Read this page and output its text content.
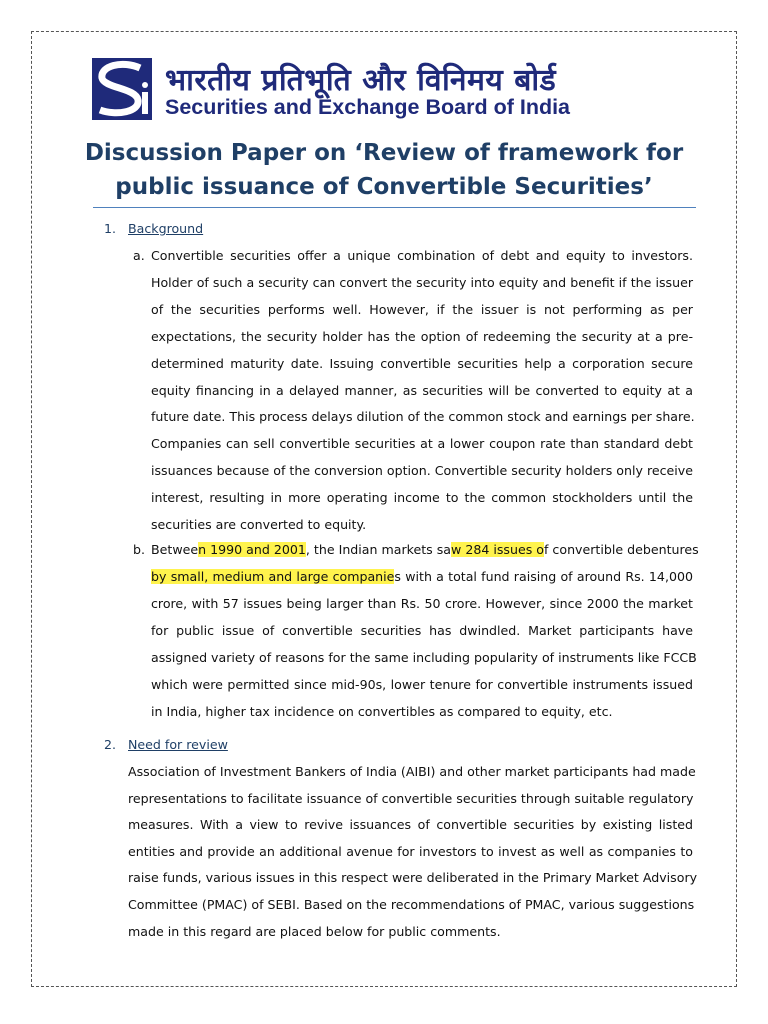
भारतीय प्रतिभूति और विनिमय बोर्ड
Securities and Exchange Board of India
Discussion Paper on ‘Review of framework for
public issuance of Convertible Securities’
1. Background
a. Convertible securities offer a unique combination of debt and equity to investors.
Holder of such a security can convert the security into equity and benefit if the issuer
of the securities performs well. However, if the issuer is not performing as per
expectations, the security holder has the option of redeeming the security at a pre-
determined maturity date. Issuing convertible securities help a corporation secure
equity financing in a delayed manner, as securities will be converted to equity at a
future date. This process delays dilution of the common stock and earnings per share.
Companies can sell convertible securities at a lower coupon rate than standard debt
issuances because of the conversion option. Convertible security holders only receive
interest, resulting in more operating income to the common stockholders until the
securities are converted to equity.
b. Between 1990 and 2001, the Indian markets saw 284 issues of convertible debentures
by small, medium and large companies with a total fund raising of around Rs. 14,000
crore, with 57 issues being larger than Rs. 50 crore. However, since 2000 the market
for public issue of convertible securities has dwindled. Market participants have
assigned variety of reasons for the same including popularity of instruments like FCCB
which were permitted since mid-90s, lower tenure for convertible instruments issued
in India, higher tax incidence on convertibles as compared to equity, etc.
2. Need for review
Association of Investment Bankers of India (AIBI) and other market participants had made
representations to facilitate issuance of convertible securities through suitable regulatory
measures. With a view to revive issuances of convertible securities by existing listed
entities and provide an additional avenue for investors to invest as well as companies to
raise funds, various issues in this respect were deliberated in the Primary Market Advisory
Committee (PMAC) of SEBI. Based on the recommendations of PMAC, various suggestions
made in this regard are placed below for public comments.
